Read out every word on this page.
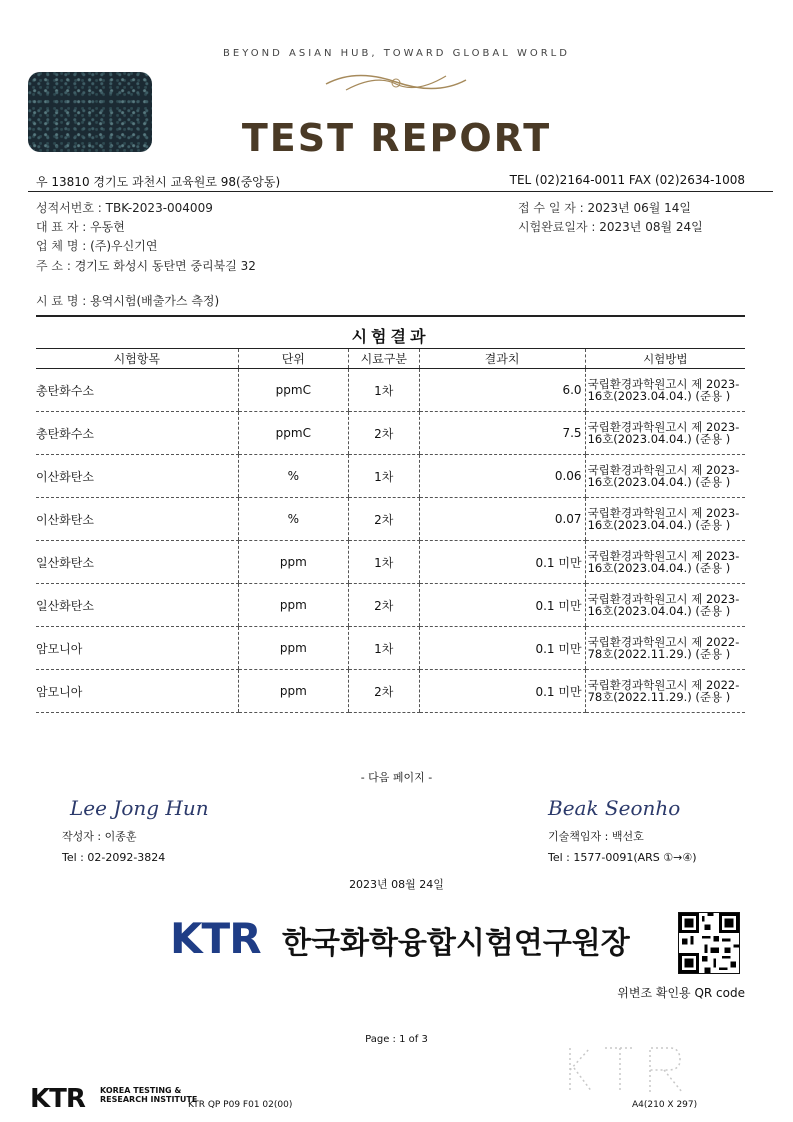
BEYOND ASIAN HUB, TOWARD GLOBAL WORLD
TEST REPORT
우 13810 경기도 과천시 교육원로 98(중앙동)	TEL (02)2164-0011 FAX (02)2634-1008
성적서번호 : TBK-2023-004009
대 표 자 : 우동현
업 체 명 : (주)우신기연
주 소 : 경기도 화성시 동탄면 중리북길 32
시 료 명 : 용역시험(배출가스 측정)
접 수 일 자 : 2023년 06월 14일
시험완료일자 : 2023년 08월 24일
시험결과
시험항목	단위	시료구분	결과치	시험방법
총탄화수소	ppmC	1차	6.0	국립환경과학원고시 제 2023-16호(2023.04.04.) (준용 )

총탄화수소	ppmC	2차	7.5	국립환경과학원고시 제 2023-16호(2023.04.04.) (준용 )

이산화탄소	%	1차	0.06	국립환경과학원고시 제 2023-16호(2023.04.04.) (준용 )

이산화탄소	%	2차	0.07	국립환경과학원고시 제 2023-16호(2023.04.04.) (준용 )

일산화탄소	ppm	1차	0.1 미만	국립환경과학원고시 제 2023-16호(2023.04.04.) (준용 )

일산화탄소	ppm	2차	0.1 미만	국립환경과학원고시 제 2023-16호(2023.04.04.) (준용 )

암모니아	ppm	1차	0.1 미만	국립환경과학원고시 제 2022-78호(2022.11.29.) (준용 )

암모니아	ppm	2차	0.1 미만	국립환경과학원고시 제 2022-78호(2022.11.29.) (준용 )
- 다음 페이지 -
Lee Jong Hun
작성자 : 이종훈
Tel : 02-2092-3824
Beak Seonho
기술책임자 : 백선호
Tel : 1577-0091(ARS ①→④)
2023년 08월 24일
KTR 한국화학융합시험연구원장
위변조 확인용 QR code
Page : 1 of 3
KTR KOREA TESTING &
RESEARCH INSTITUTE
KTR QP P09 F01 02(00)	A4(210 X 297)
